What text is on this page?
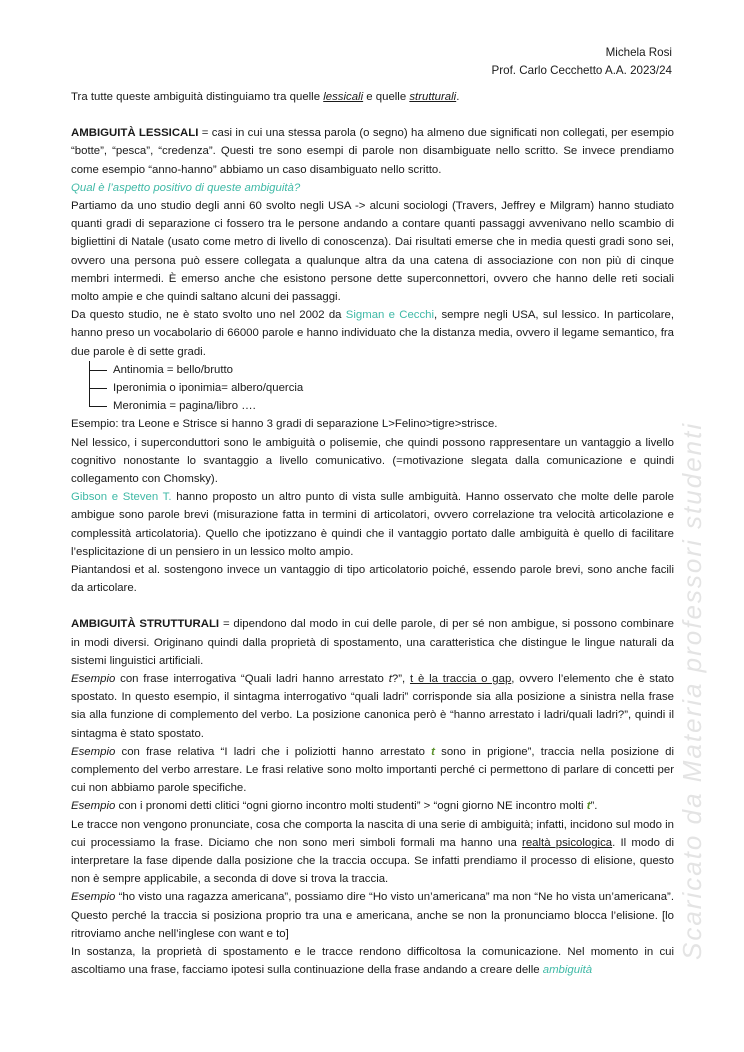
Michela Rosi
Prof. Carlo Cecchetto A.A. 2023/24

Tra tutte queste ambiguità distinguiamo tra quelle lessicali e quelle strutturali.

AMBIGUITÀ LESSICALI = casi in cui una stessa parola (o segno) ha almeno due significati non collegati, per esempio “botte”, “pesca”, “credenza”. Questi tre sono esempi di parole non disambiguate nello scritto. Se invece prendiamo come esempio “anno-hanno” abbiamo un caso disambiguato nello scritto.

Qual è l’aspetto positivo di queste ambiguità?

Partiamo da uno studio degli anni 60 svolto negli USA -> alcuni sociologi (Travers, Jeffrey e Milgram) hanno studiato quanti gradi di separazione ci fossero tra le persone andando a contare quanti passaggi avvenivano nello scambio di bigliettini di Natale (usato come metro di livello di conoscenza). Dai risultati emerse che in media questi gradi sono sei, ovvero una persona può essere collegata a qualunque altra da una catena di associazione con non più di cinque membri intermedi. È emerso anche che esistono persone dette superconnettori, ovvero che hanno delle reti sociali molto ampie e che quindi saltano alcuni dei passaggi.

Da questo studio, ne è stato svolto uno nel 2002 da Sigman e Cecchi, sempre negli USA, sul lessico. In particolare, hanno preso un vocabolario di 66000 parole e hanno individuato che la distanza media, ovvero il legame semantico, fra due parole è di sette gradi.

Antinomia = bello/brutto
Iperonimia o iponimia= albero/quercia
Meronimia = pagina/libro ….

Esempio: tra Leone e Strisce si hanno 3 gradi di separazione L>Felino>tigre>strisce.

Nel lessico, i superconduttori sono le ambiguità o polisemie, che quindi possono rappresentare un vantaggio a livello cognitivo nonostante lo svantaggio a livello comunicativo. (=motivazione slegata dalla comunicazione e quindi collegamento con Chomsky).

Gibson e Steven T. hanno proposto un altro punto di vista sulle ambiguità. Hanno osservato che molte delle parole ambigue sono parole brevi (misurazione fatta in termini di articolatori, ovvero correlazione tra velocità articolazione e complessità articolatoria). Quello che ipotizzano è quindi che il vantaggio portato dalle ambiguità è quello di facilitare l’esplicitazione di un pensiero in un lessico molto ampio.

Piantandosi et al. sostengono invece un vantaggio di tipo articolatorio poiché, essendo parole brevi, sono anche facili da articolare.

AMBIGUITÀ STRUTTURALI = dipendono dal modo in cui delle parole, di per sé non ambigue, si possono combinare in modi diversi. Originano quindi dalla proprietà di spostamento, una caratteristica che distingue le lingue naturali da sistemi linguistici artificiali.

Esempio con frase interrogativa “Quali ladri hanno arrestato t?”, t è la traccia o gap, ovvero l’elemento che è stato spostato. In questo esempio, il sintagma interrogativo “quali ladri” corrisponde sia alla posizione a sinistra nella frase sia alla funzione di complemento del verbo. La posizione canonica però è “hanno arrestato i ladri/quali ladri?”, quindi il sintagma è stato spostato.

Esempio con frase relativa “I ladri che i poliziotti hanno arrestato t sono in prigione”, traccia nella posizione di complemento del verbo arrestare. Le frasi relative sono molto importanti perché ci permettono di parlare di concetti per cui non abbiamo parole specifiche.

Esempio con i pronomi detti clitici “ogni giorno incontro molti studenti” > “ogni giorno NE incontro molti t”.

Le tracce non vengono pronunciate, cosa che comporta la nascita di una serie di ambiguità; infatti, incidono sul modo in cui processiamo la frase. Diciamo che non sono meri simboli formali ma hanno una realtà psicologica. Il modo di interpretare la fase dipende dalla posizione che la traccia occupa. Se infatti prendiamo il processo di elisione, questo non è sempre applicabile, a seconda di dove si trova la traccia.

Esempio “ho visto una ragazza americana”, possiamo dire “Ho visto un’americana” ma non “Ne ho vista un’americana”. Questo perché la traccia si posiziona proprio tra una e americana, anche se non la pronunciamo blocca l’elisione. [lo ritroviamo anche nell’inglese con want e to]

In sostanza, la proprietà di spostamento e le tracce rendono difficoltosa la comunicazione. Nel momento in cui ascoltiamo una frase, facciamo ipotesi sulla continuazione della frase andando a creare delle ambiguità

Scaricato da Materia professori studenti
